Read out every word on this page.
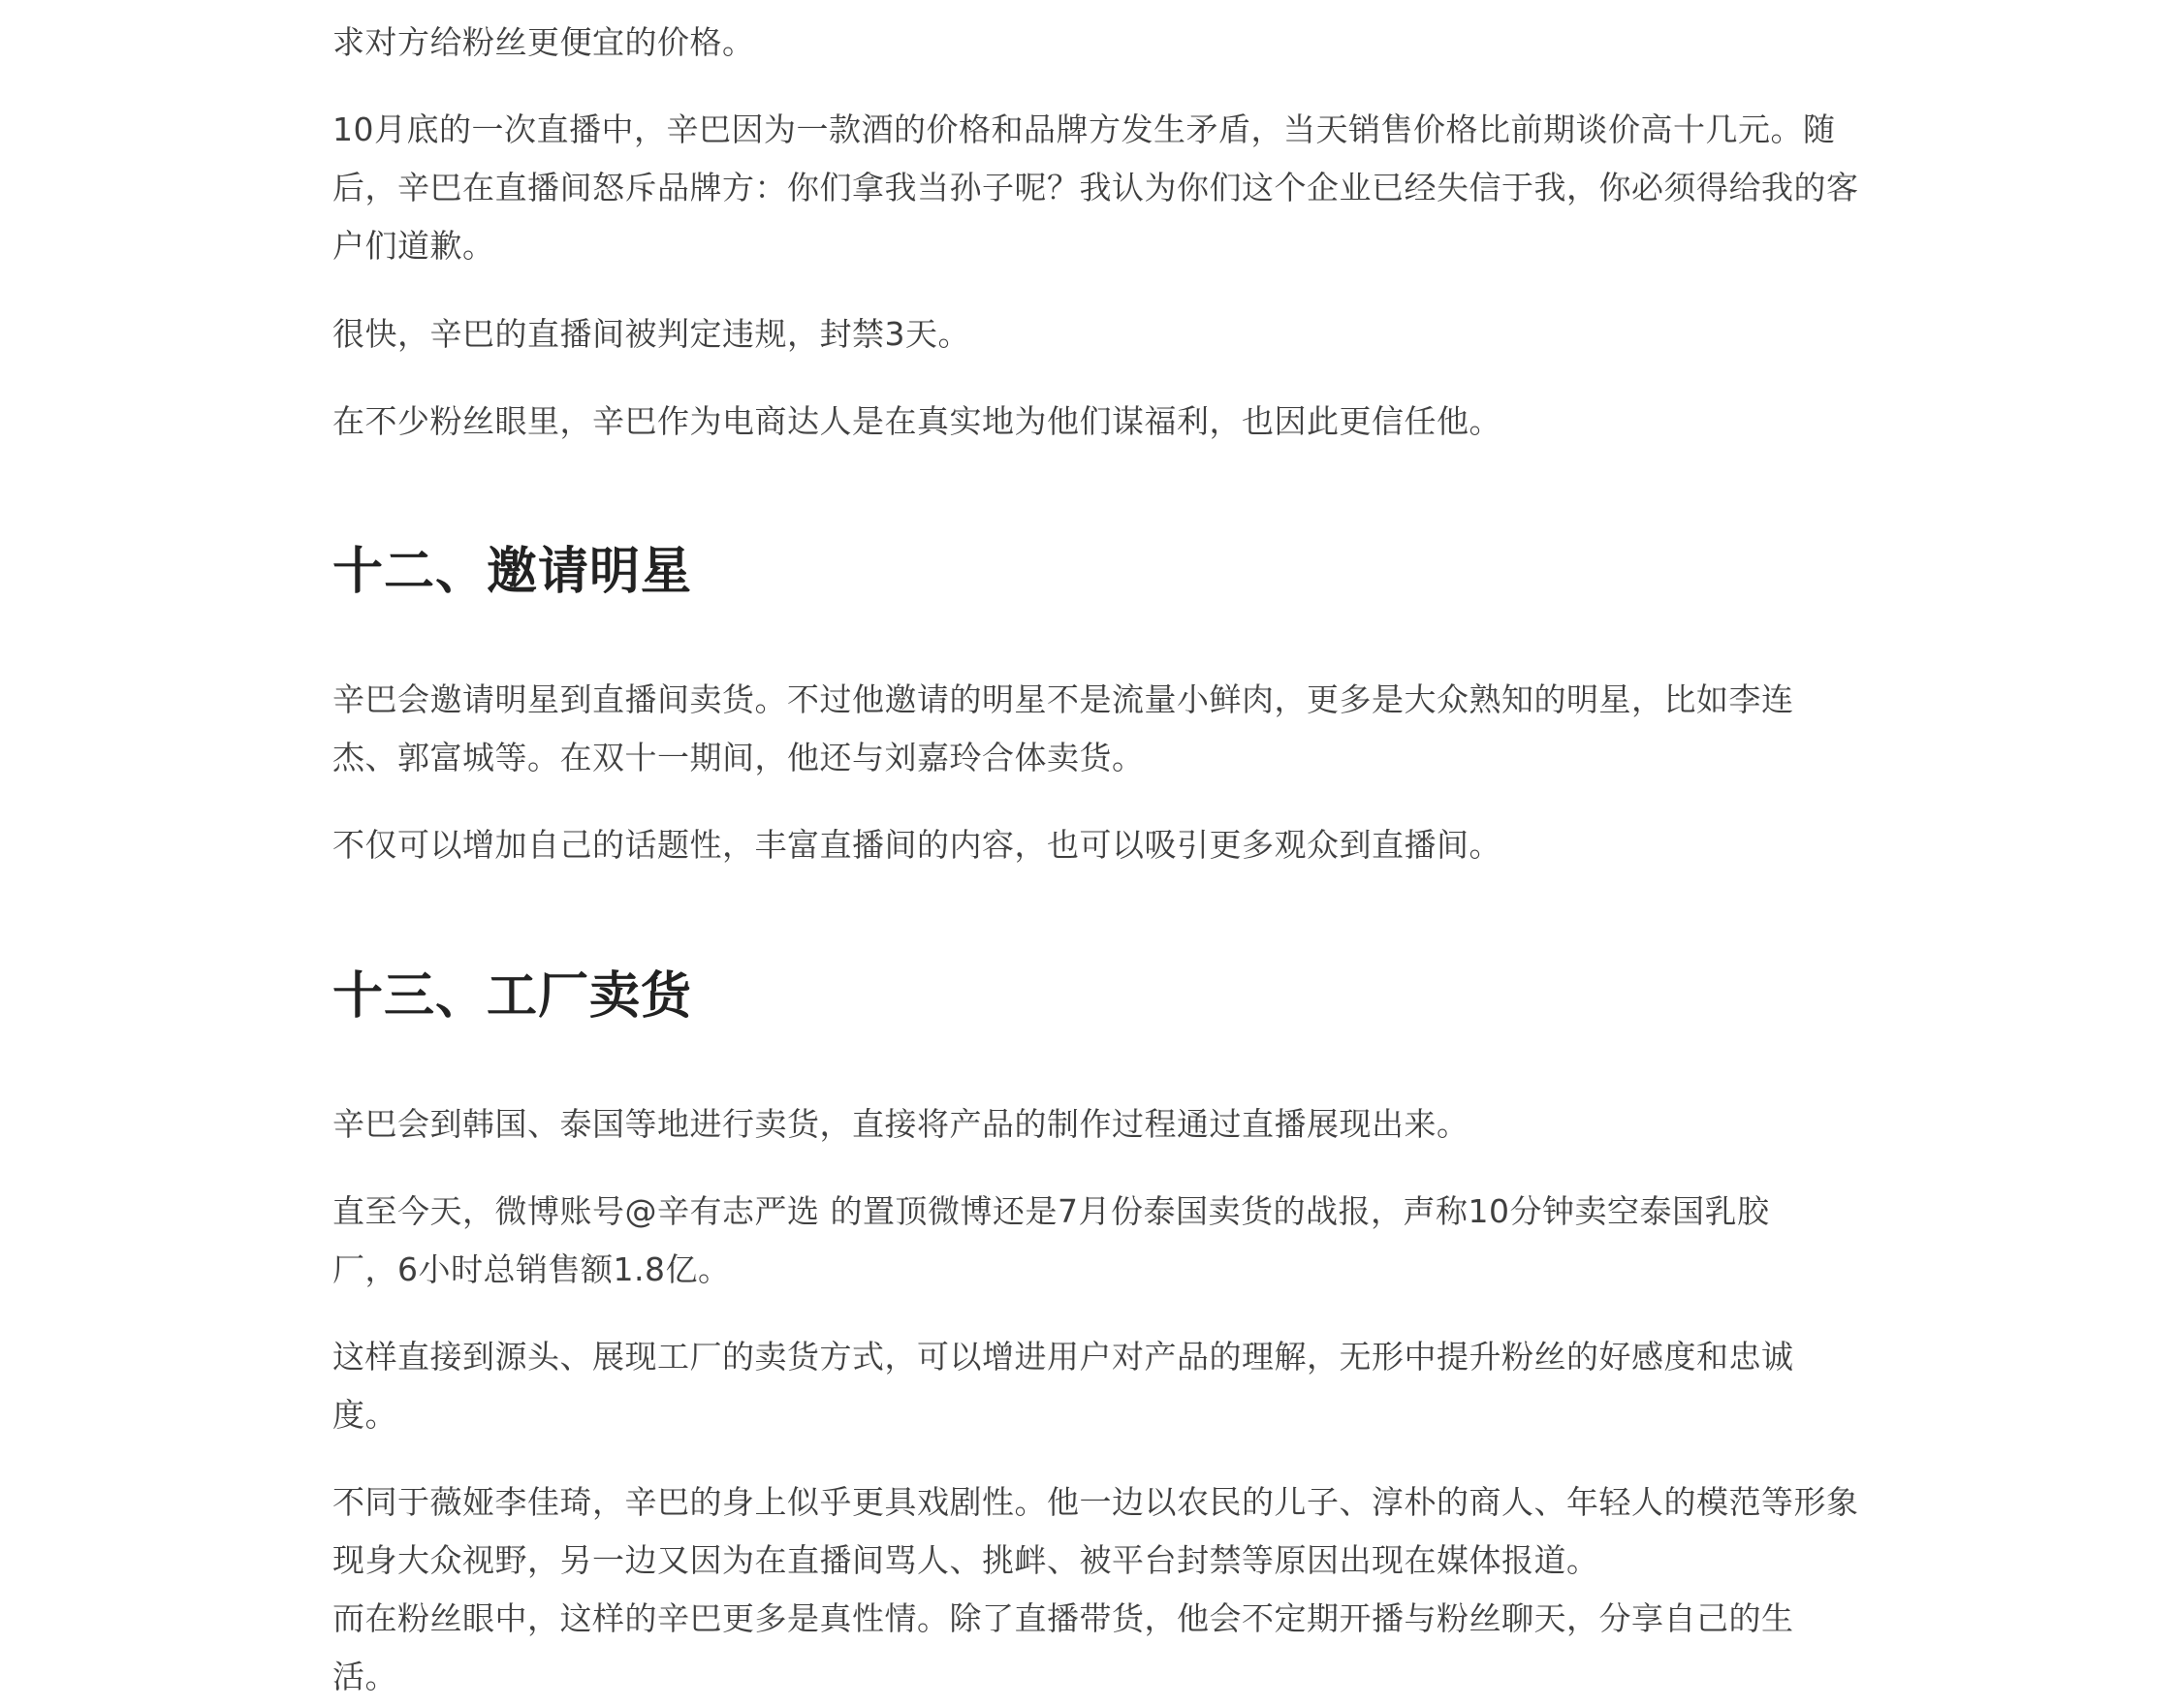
求对方给粉丝更便宜的价格。

10月底的一次直播中，辛巴因为一款酒的价格和品牌方发生矛盾，当天销售价格比前期谈价高十几元。随后，辛巴在直播间怒斥品牌方：你们拿我当孙子呢？我认为你们这个企业已经失信于我，你必须得给我的客户们道歉。

很快，辛巴的直播间被判定违规，封禁3天。

在不少粉丝眼里，辛巴作为电商达人是在真实地为他们谋福利，也因此更信任他。

十二、邀请明星

辛巴会邀请明星到直播间卖货。不过他邀请的明星不是流量小鲜肉，更多是大众熟知的明星，比如李连杰、郭富城等。在双十一期间，他还与刘嘉玲合体卖货。

不仅可以增加自己的话题性，丰富直播间的内容，也可以吸引更多观众到直播间。

十三、工厂卖货

辛巴会到韩国、泰国等地进行卖货，直接将产品的制作过程通过直播展现出来。

直至今天，微博账号@辛有志严选 的置顶微博还是7月份泰国卖货的战报，声称10分钟卖空泰国乳胶厂，6小时总销售额1.8亿。

这样直接到源头、展现工厂的卖货方式，可以增进用户对产品的理解，无形中提升粉丝的好感度和忠诚度。

不同于薇娅李佳琦，辛巴的身上似乎更具戏剧性。他一边以农民的儿子、淳朴的商人、年轻人的模范等形象现身大众视野，另一边又因为在直播间骂人、挑衅、被平台封禁等原因出现在媒体报道。

而在粉丝眼中，这样的辛巴更多是真性情。除了直播带货，他会不定期开播与粉丝聊天，分享自己的生活。
